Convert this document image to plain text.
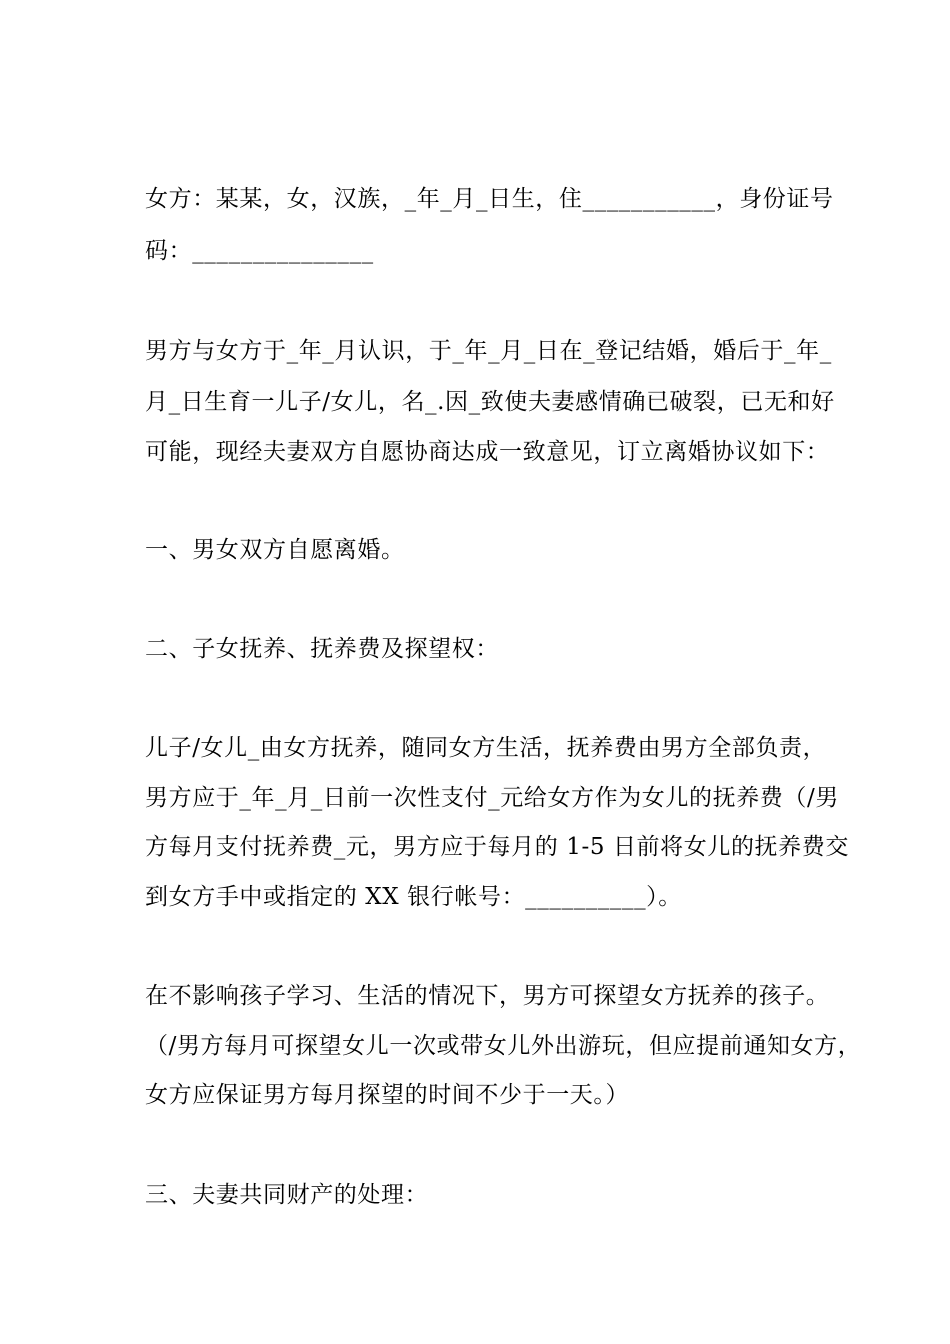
女方：某某，女，汉族，_年_月_日生，住___________，身份证号
码：_______________
男方与女方于_年_月认识，于_年_月_日在_登记结婚，婚后于_年_
月_日生育一儿子/女儿，名_.因_致使夫妻感情确已破裂，已无和好
可能，现经夫妻双方自愿协商达成一致意见，订立离婚协议如下：
一、男女双方自愿离婚。
二、子女抚养、抚养费及探望权：
儿子/女儿_由女方抚养，随同女方生活，抚养费由男方全部负责，
男方应于_年_月_日前一次性支付_元给女方作为女儿的抚养费（/男
方每月支付抚养费_元，男方应于每月的 1-5 日前将女儿的抚养费交
到女方手中或指定的 XX 银行帐号：__________）。
在不影响孩子学习、生活的情况下，男方可探望女方抚养的孩子。
（/男方每月可探望女儿一次或带女儿外出游玩，但应提前通知女方，
女方应保证男方每月探望的时间不少于一天。）
三、夫妻共同财产的处理：
